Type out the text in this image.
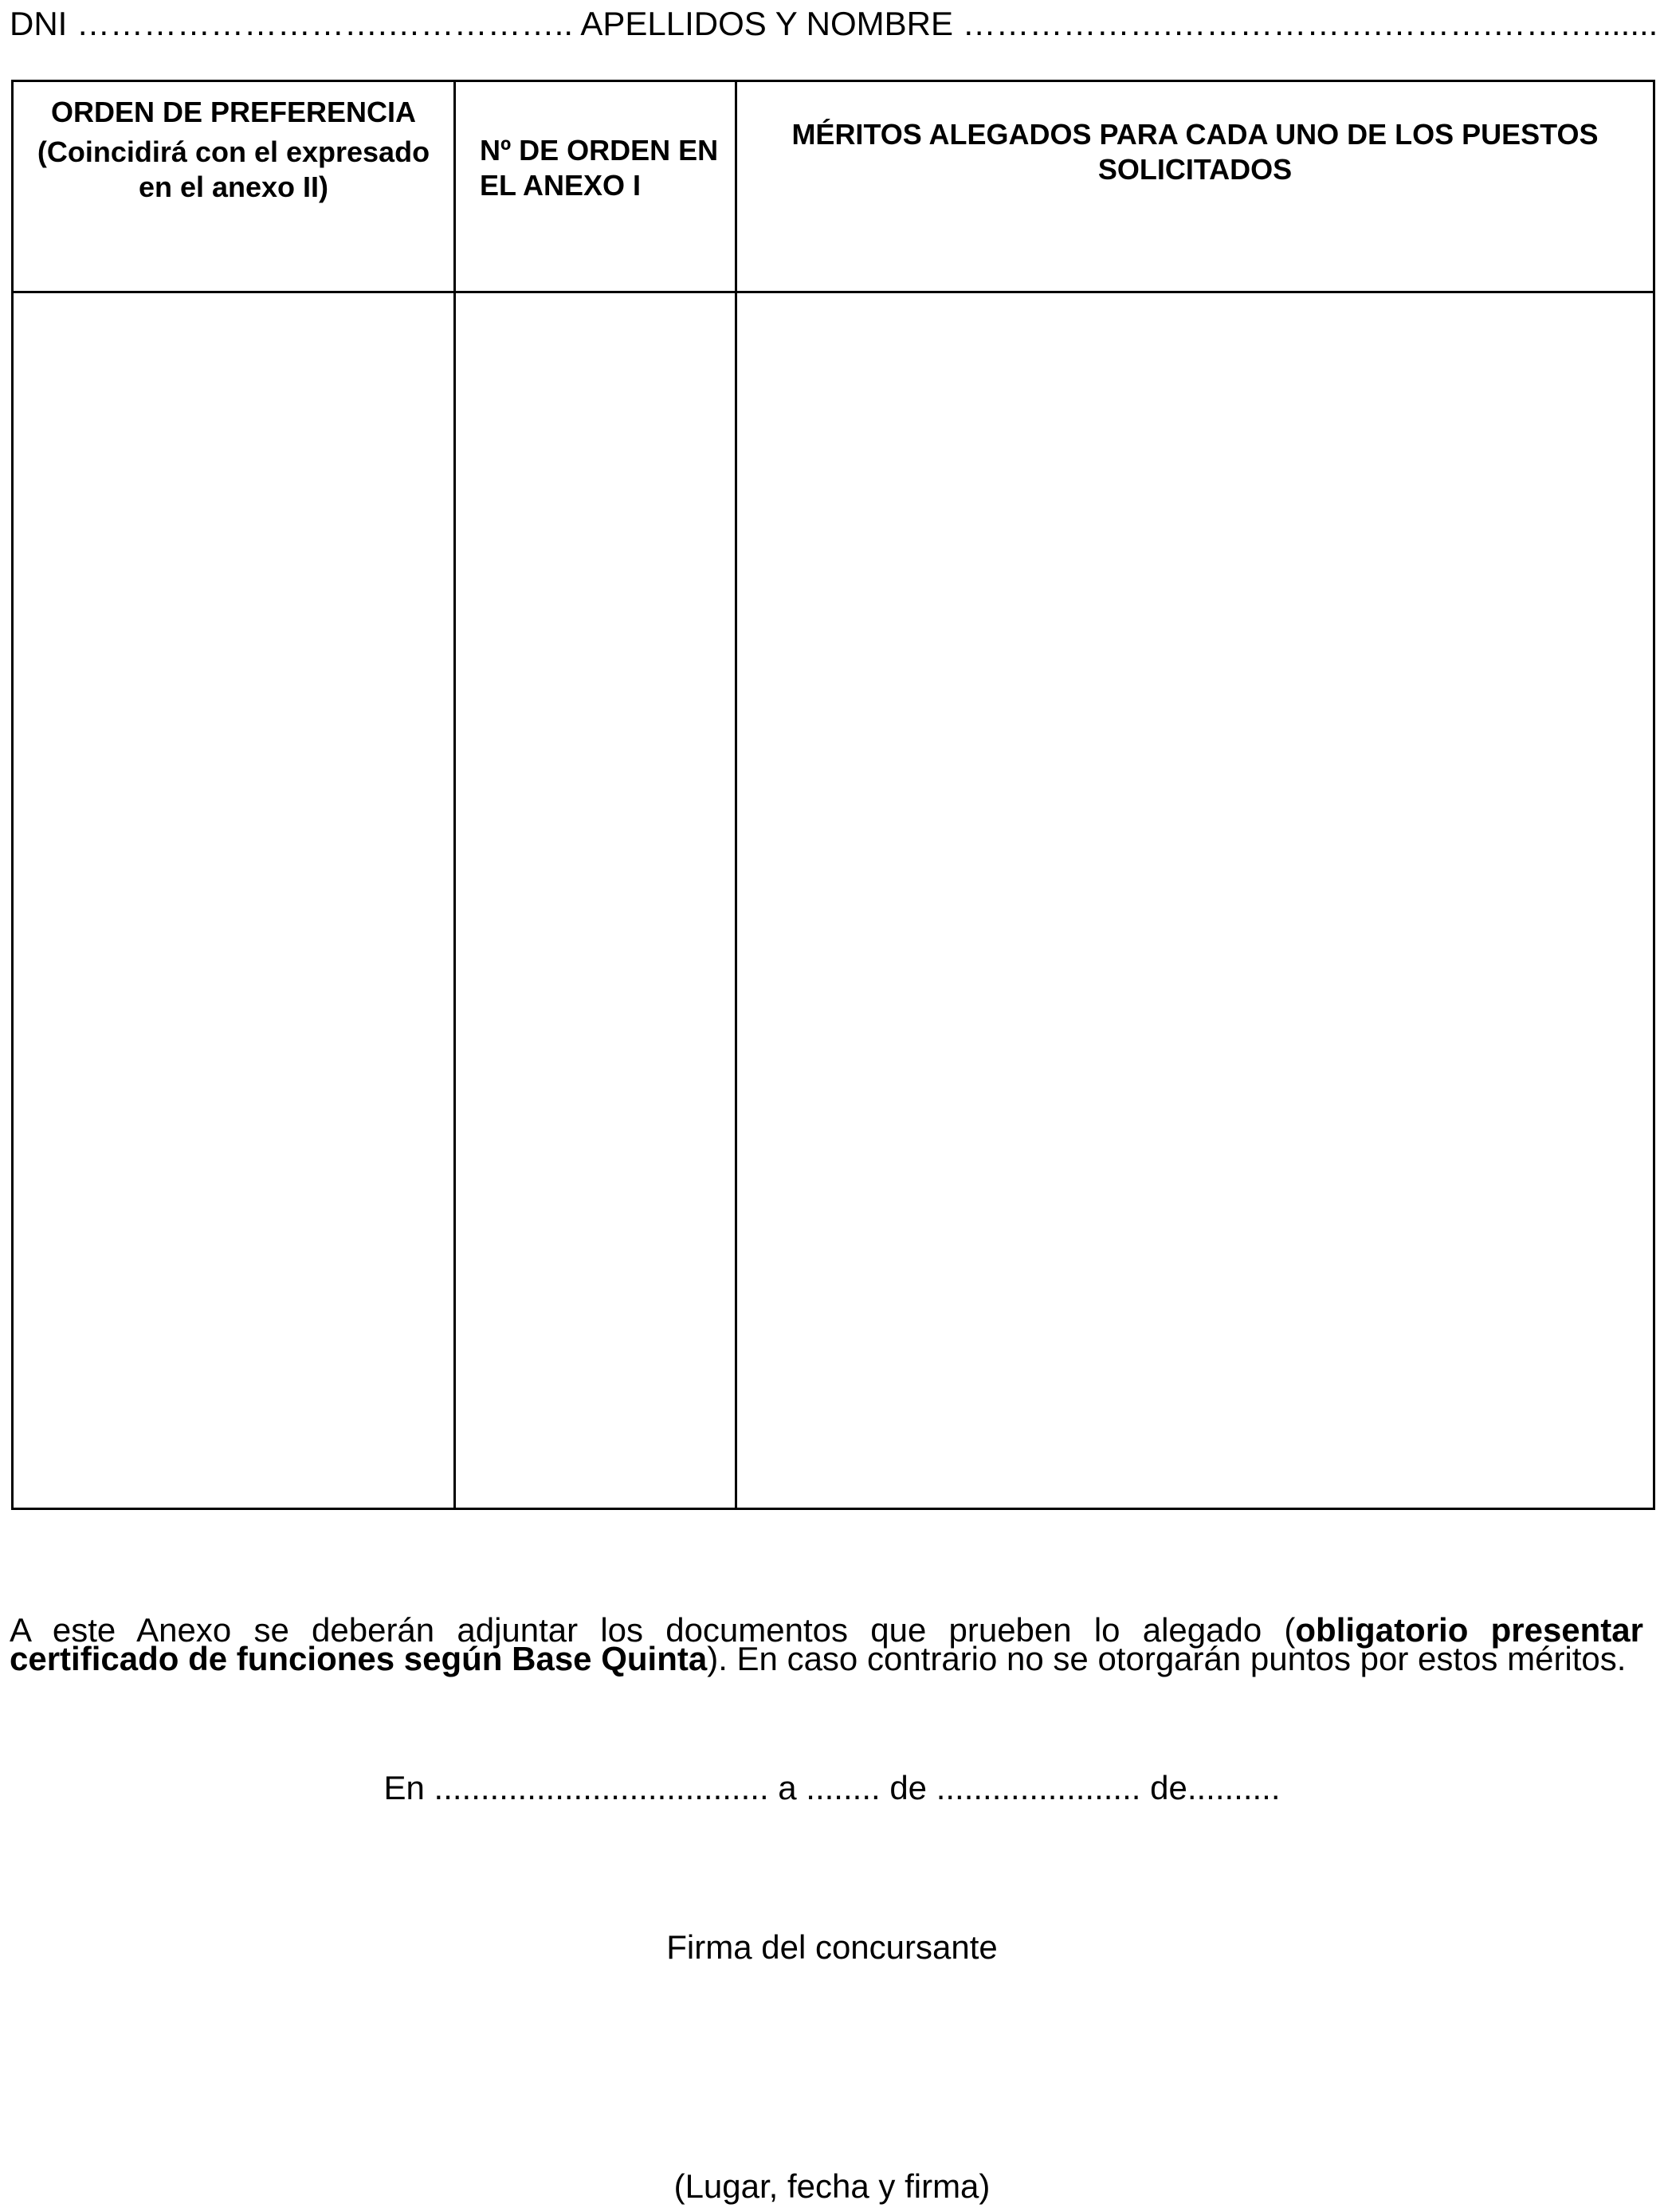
DNI ……………………….…………….. APELLIDOS Y NOMBRE ……………….……………….……….……….......
ORDEN DE PREFERENCIA
(Coincidirá con el expresado en el anexo II)	Nº DE ORDEN EN EL ANEXO I	MÉRITOS ALEGADOS PARA CADA UNO DE LOS PUESTOS SOLICITADOS

A este Anexo se deberán adjuntar los documentos que prueben lo alegado (obligatorio presentar certificado de funciones según Base Quinta). En caso contrario no se otorgarán puntos por estos méritos.

En .................................... a ........ de ...................... de..........
Firma del concursante
(Lugar, fecha y firma)
